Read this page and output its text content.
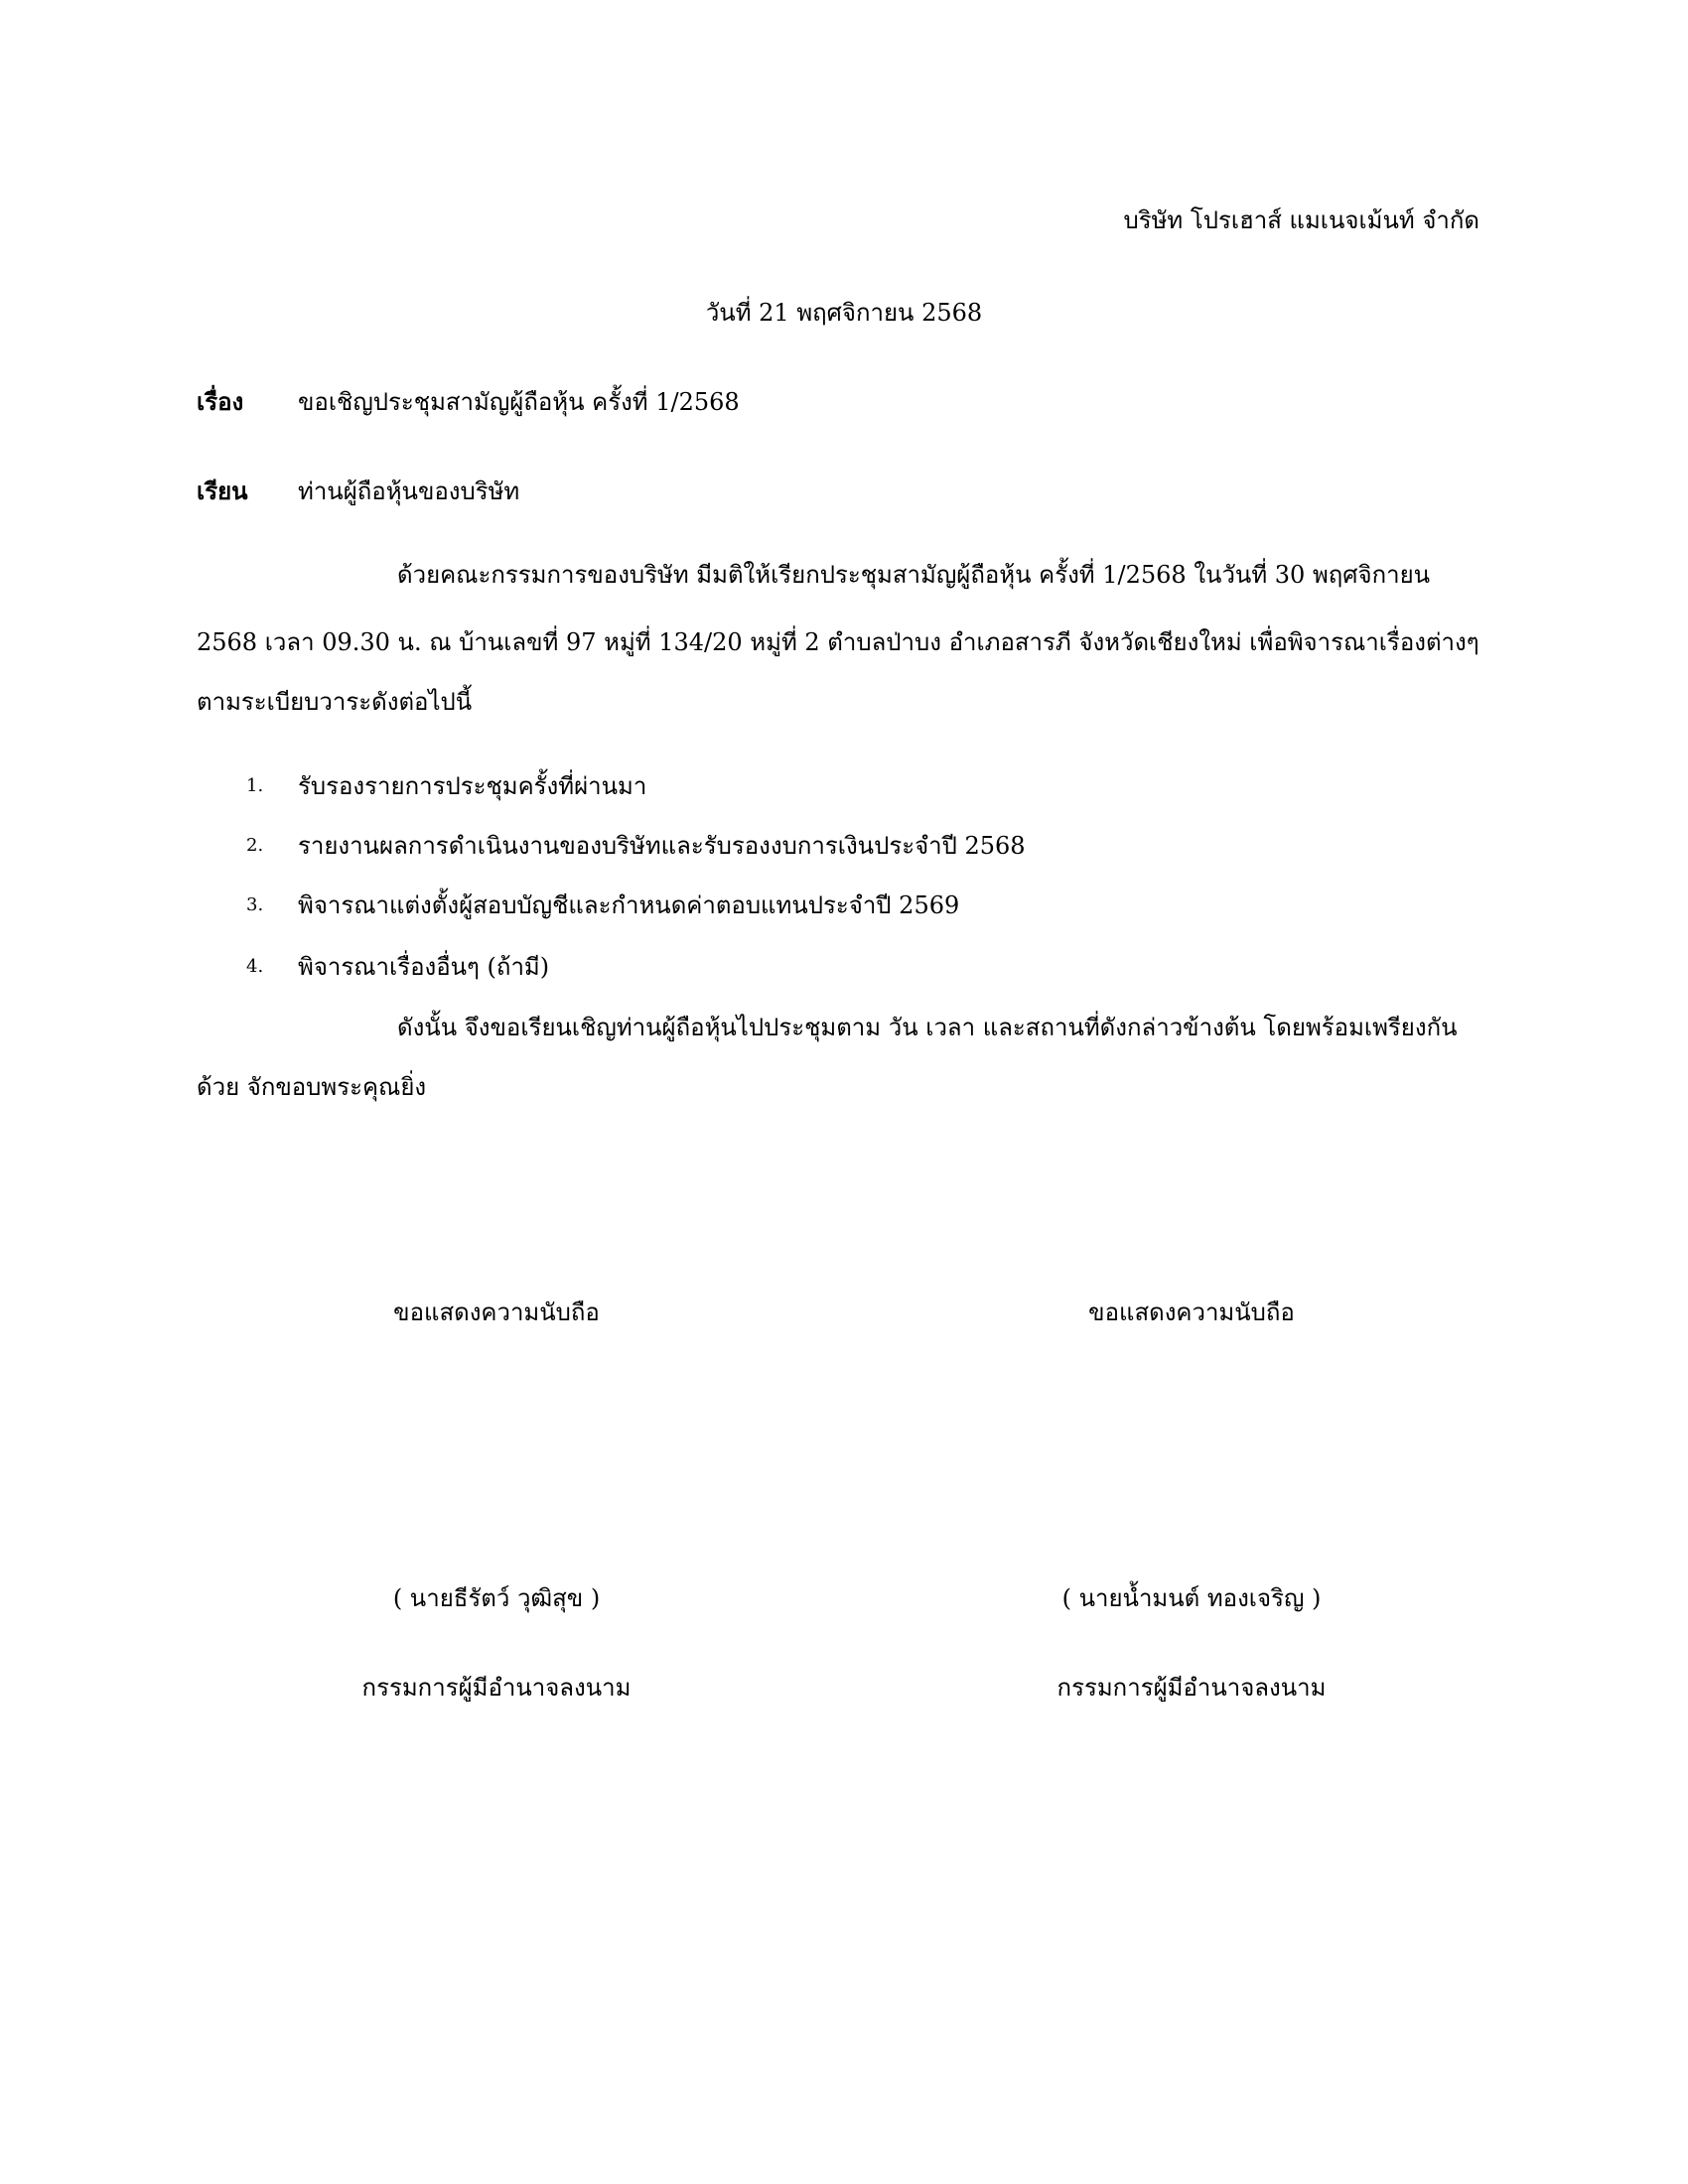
บริษัท โปรเฮาส์ แมเนจเม้นท์ จำกัด
วันที่ 21 พฤศจิกายน 2568
เรื่อง	ขอเชิญประชุมสามัญผู้ถือหุ้น ครั้งที่ 1/2568
เรียน	ท่านผู้ถือหุ้นของบริษัท
ด้วยคณะกรรมการของบริษัท มีมติให้เรียกประชุมสามัญผู้ถือหุ้น ครั้งที่ 1/2568 ในวันที่ 30 พฤศจิกายน
2568 เวลา 09.30 น. ณ บ้านเลขที่ 97 หมู่ที่ 134/20 หมู่ที่ 2 ตำบลป่าบง อำเภอสารภี จังหวัดเชียงใหม่ เพื่อพิจารณาเรื่องต่างๆ
ตามระเบียบวาระดังต่อไปนี้
1.	รับรองรายการประชุมครั้งที่ผ่านมา
2.	รายงานผลการดำเนินงานของบริษัทและรับรองงบการเงินประจำปี 2568
3.	พิจารณาแต่งตั้งผู้สอบบัญชีและกำหนดค่าตอบแทนประจำปี 2569
4.	พิจารณาเรื่องอื่นๆ (ถ้ามี)
ดังนั้น จึงขอเรียนเชิญท่านผู้ถือหุ้นไปประชุมตาม วัน เวลา และสถานที่ดังกล่าวข้างต้น โดยพร้อมเพรียงกัน
ด้วย จักขอบพระคุณยิ่ง
ขอแสดงความนับถือ	ขอแสดงความนับถือ
( นายธีรัตว์ วุฒิสุข )	( นายน้ำมนต์ ทองเจริญ )
กรรมการผู้มีอำนาจลงนาม	กรรมการผู้มีอำนาจลงนาม
